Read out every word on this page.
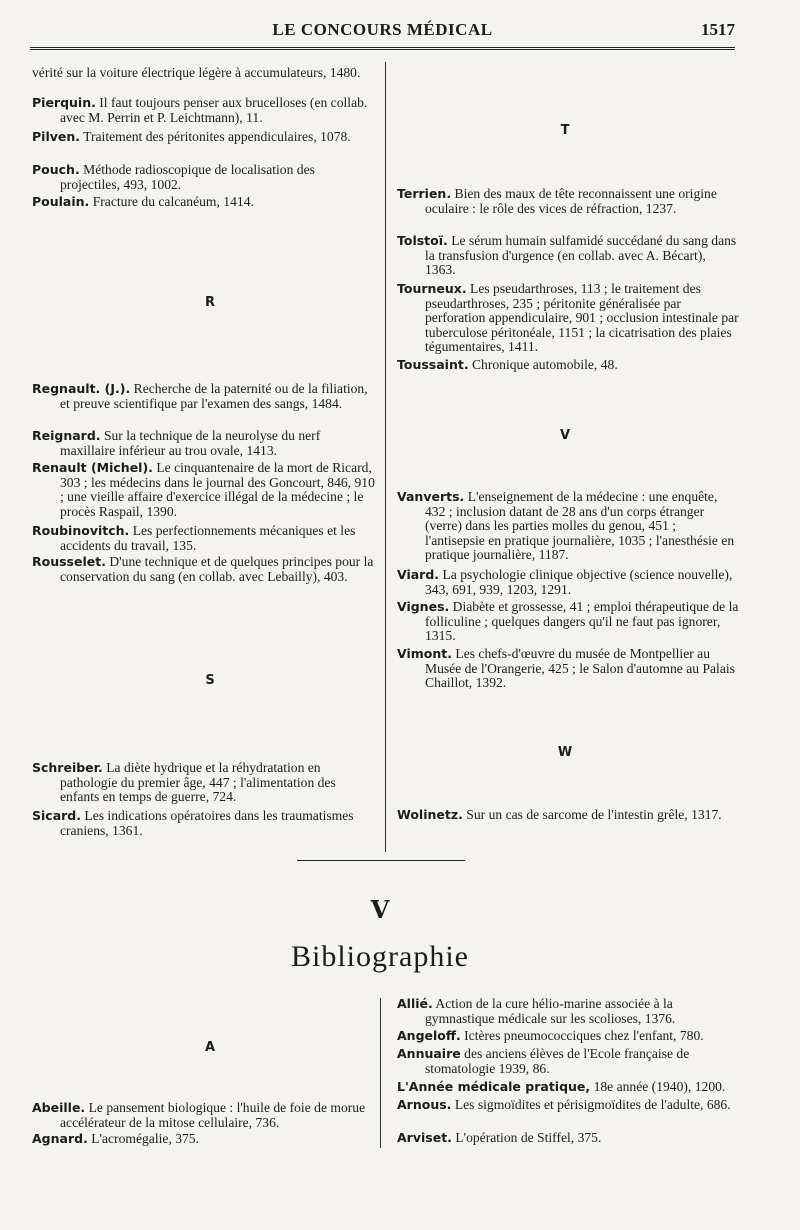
LE CONCOURS MÉDICAL	1517
vérité sur la voiture électrique légère à accumulateurs, 1480.
Pierquin. Il faut toujours penser aux brucelloses (en collab. avec M. Perrin et P. Leichtmann), 11.
Pilven. Traitement des péritonites appendiculaires, 1078.
Pouch. Méthode radioscopique de localisation des projectiles, 493, 1002.
Poulain. Fracture du calcanéum, 1414.
R
Regnault. (J.). Recherche de la paternité ou de la filiation, et preuve scientifique par l'examen des sangs, 1484.
Reignard. Sur la technique de la neurolyse du nerf maxillaire inférieur au trou ovale, 1413.
Renault (Michel). Le cinquantenaire de la mort de Ricard, 303 ; les médecins dans le journal des Goncourt, 846, 910 ; une vieille affaire d'exercice illégal de la médecine ; le procès Raspail, 1390.
Roubinovitch. Les perfectionnements mécaniques et les accidents du travail, 135.
Rousselet. D'une technique et de quelques principes pour la conservation du sang (en collab. avec Lebailly), 403.
S
Schreiber. La diète hydrique et la réhydratation en pathologie du premier âge, 447 ; l'alimentation des enfants en temps de guerre, 724.
Sicard. Les indications opératoires dans les traumatismes craniens, 1361.
T
Terrien. Bien des maux de tête reconnaissent une origine oculaire : le rôle des vices de réfraction, 1237.
Tolstoï. Le sérum humain sulfamidé succédané du sang dans la transfusion d'urgence (en collab. avec A. Bécart), 1363.
Tourneux. Les pseudarthroses, 113 ; le traitement des pseudarthroses, 235 ; péritonite généralisée par perforation appendiculaire, 901 ; occlusion intestinale par tuberculose péritonéale, 1151 ; la cicatrisation des plaies tégumentaires, 1411.
Toussaint. Chronique automobile, 48.
V
Vanverts. L'enseignement de la médecine : une enquête, 432 ; inclusion datant de 28 ans d'un corps étranger (verre) dans les parties molles du genou, 451 ; l'antisepsie en pratique journalière, 1035 ; l'anesthésie en pratique journalière, 1187.
Viard. La psychologie clinique objective (science nouvelle), 343, 691, 939, 1203, 1291.
Vignes. Diabète et grossesse, 41 ; emploi thérapeutique de la folliculine ; quelques dangers qu'il ne faut pas ignorer, 1315.
Vimont. Les chefs-d'œuvre du musée de Montpellier au Musée de l'Orangerie, 425 ; le Salon d'automne au Palais Chaillot, 1392.
W
Wolinetz. Sur un cas de sarcome de l'intestin grêle, 1317.
V
Bibliographie
A
Abeille. Le pansement biologique : l'huile de foie de morue accélérateur de la mitose cellulaire, 736.
Agnard. L'acromégalie, 375.
Allié. Action de la cure hélio-marine associée à la gymnastique médicale sur les scolioses, 1376.
Angeloff. Ictères pneumococciques chez l'enfant, 780.
Annuaire des anciens élèves de l'Ecole française de stomatologie 1939, 86.
L'Année médicale pratique, 18e année (1940), 1200.
Arnous. Les sigmoïdites et périsigmoïdites de l'adulte, 686.
Arviset. L'opération de Stiffel, 375.
